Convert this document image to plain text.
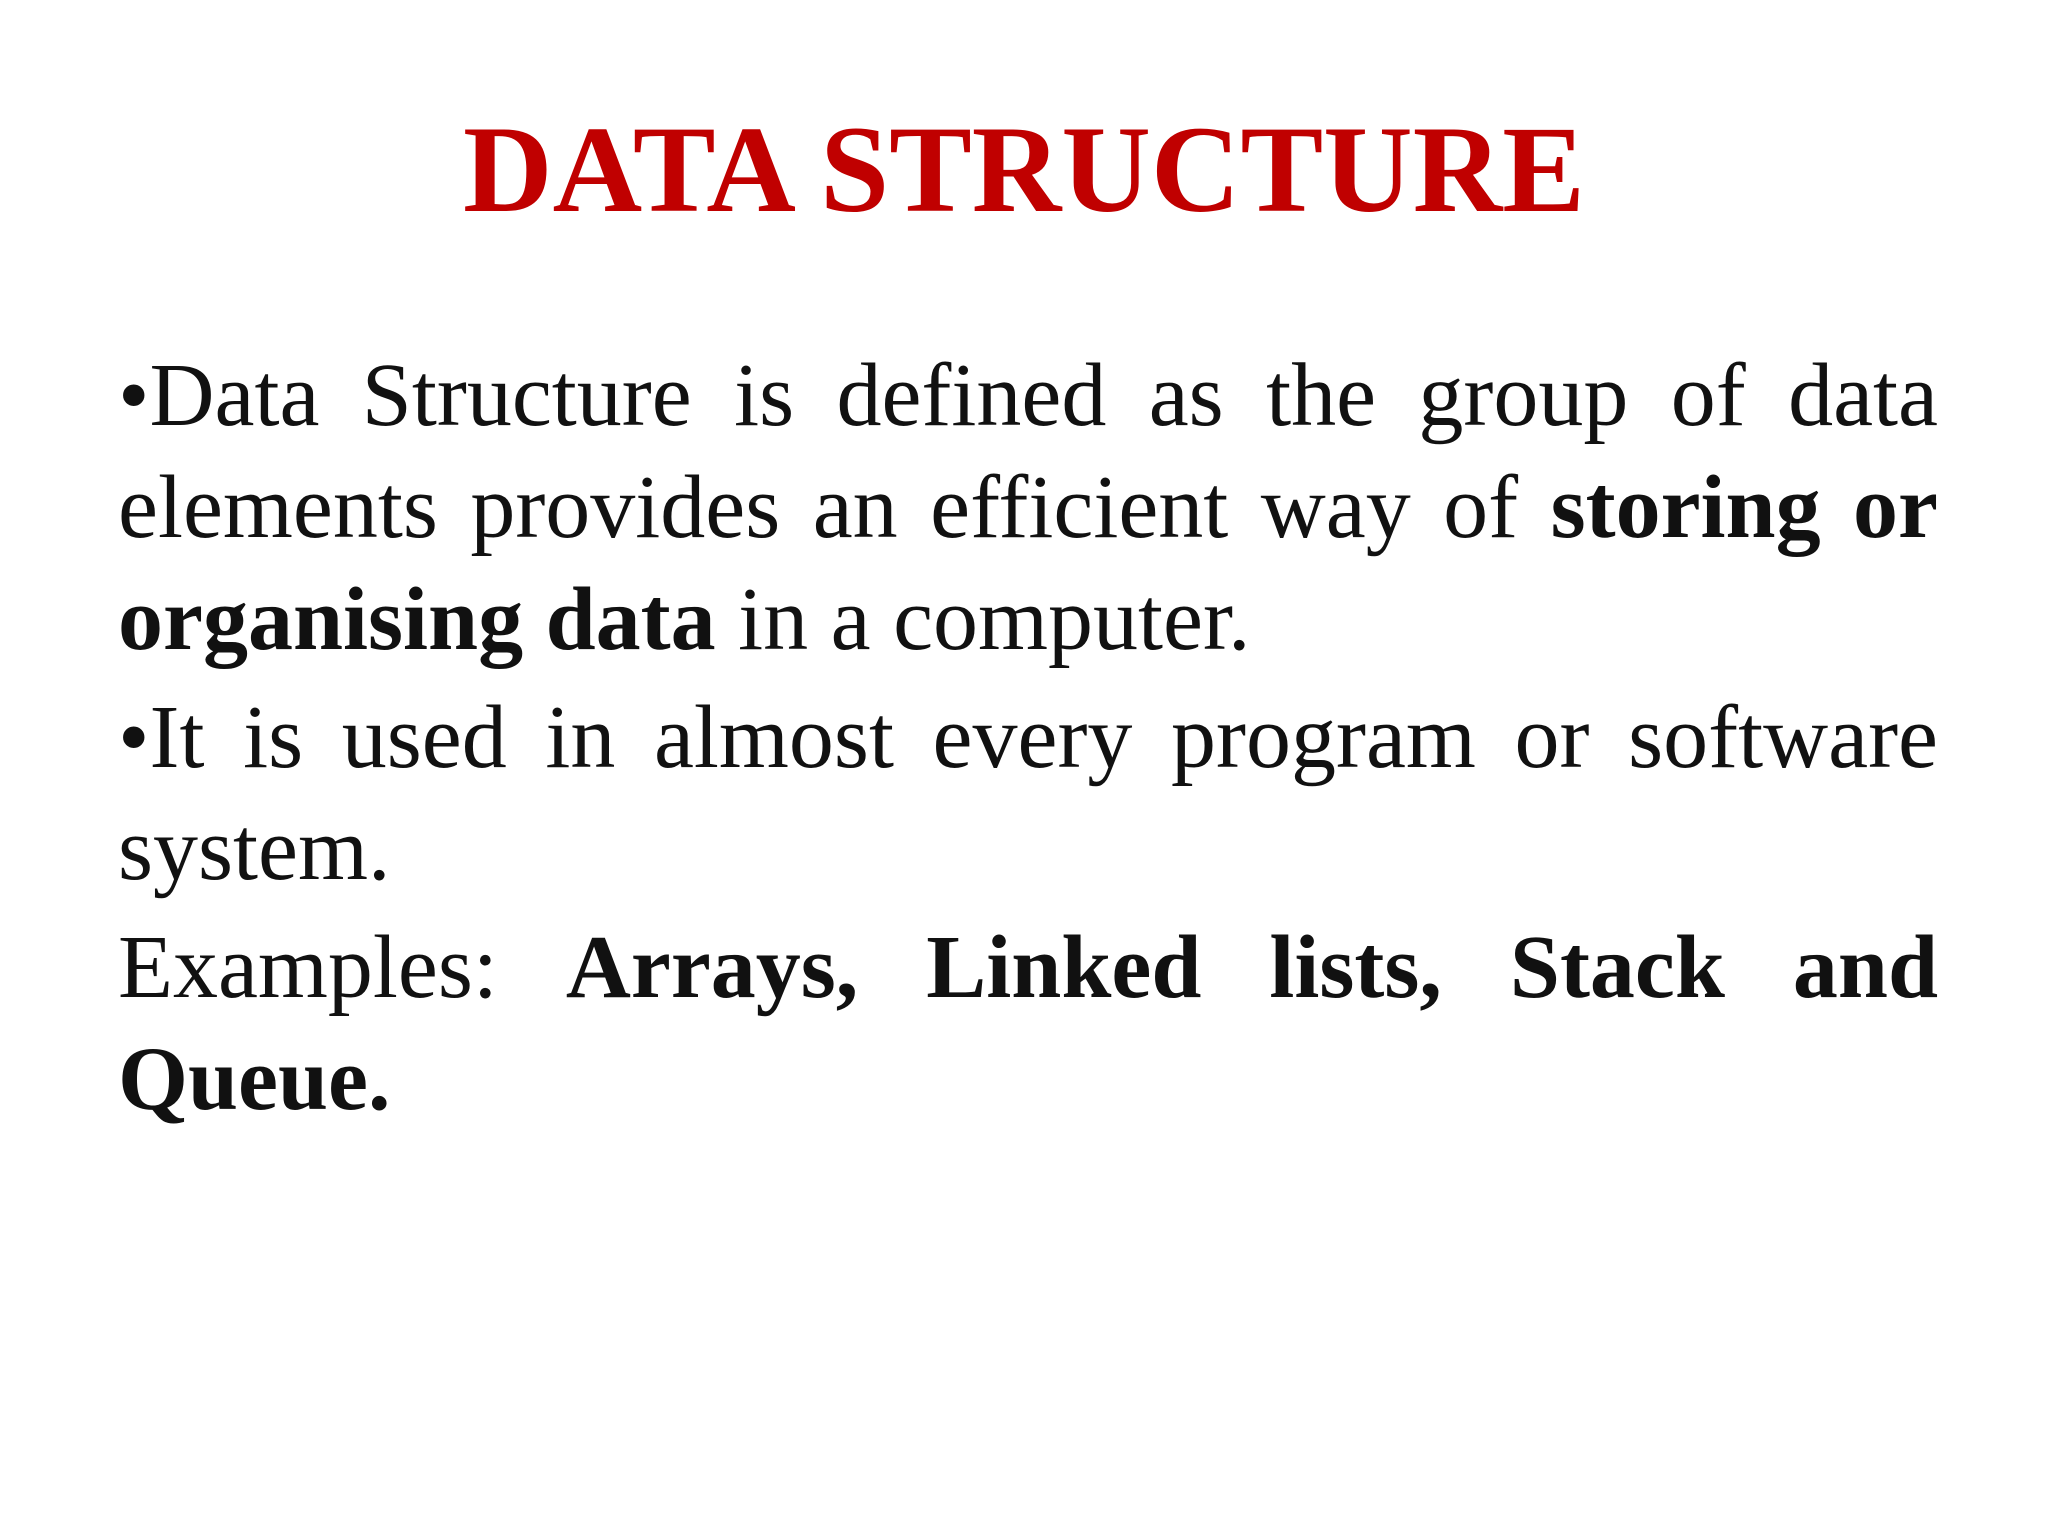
DATA STRUCTURE

•Data Structure is defined as the group of data elements provides an efficient way of storing or organising data in a computer.

•It is used in almost every program or software system.

Examples: Arrays, Linked lists, Stack and Queue.
